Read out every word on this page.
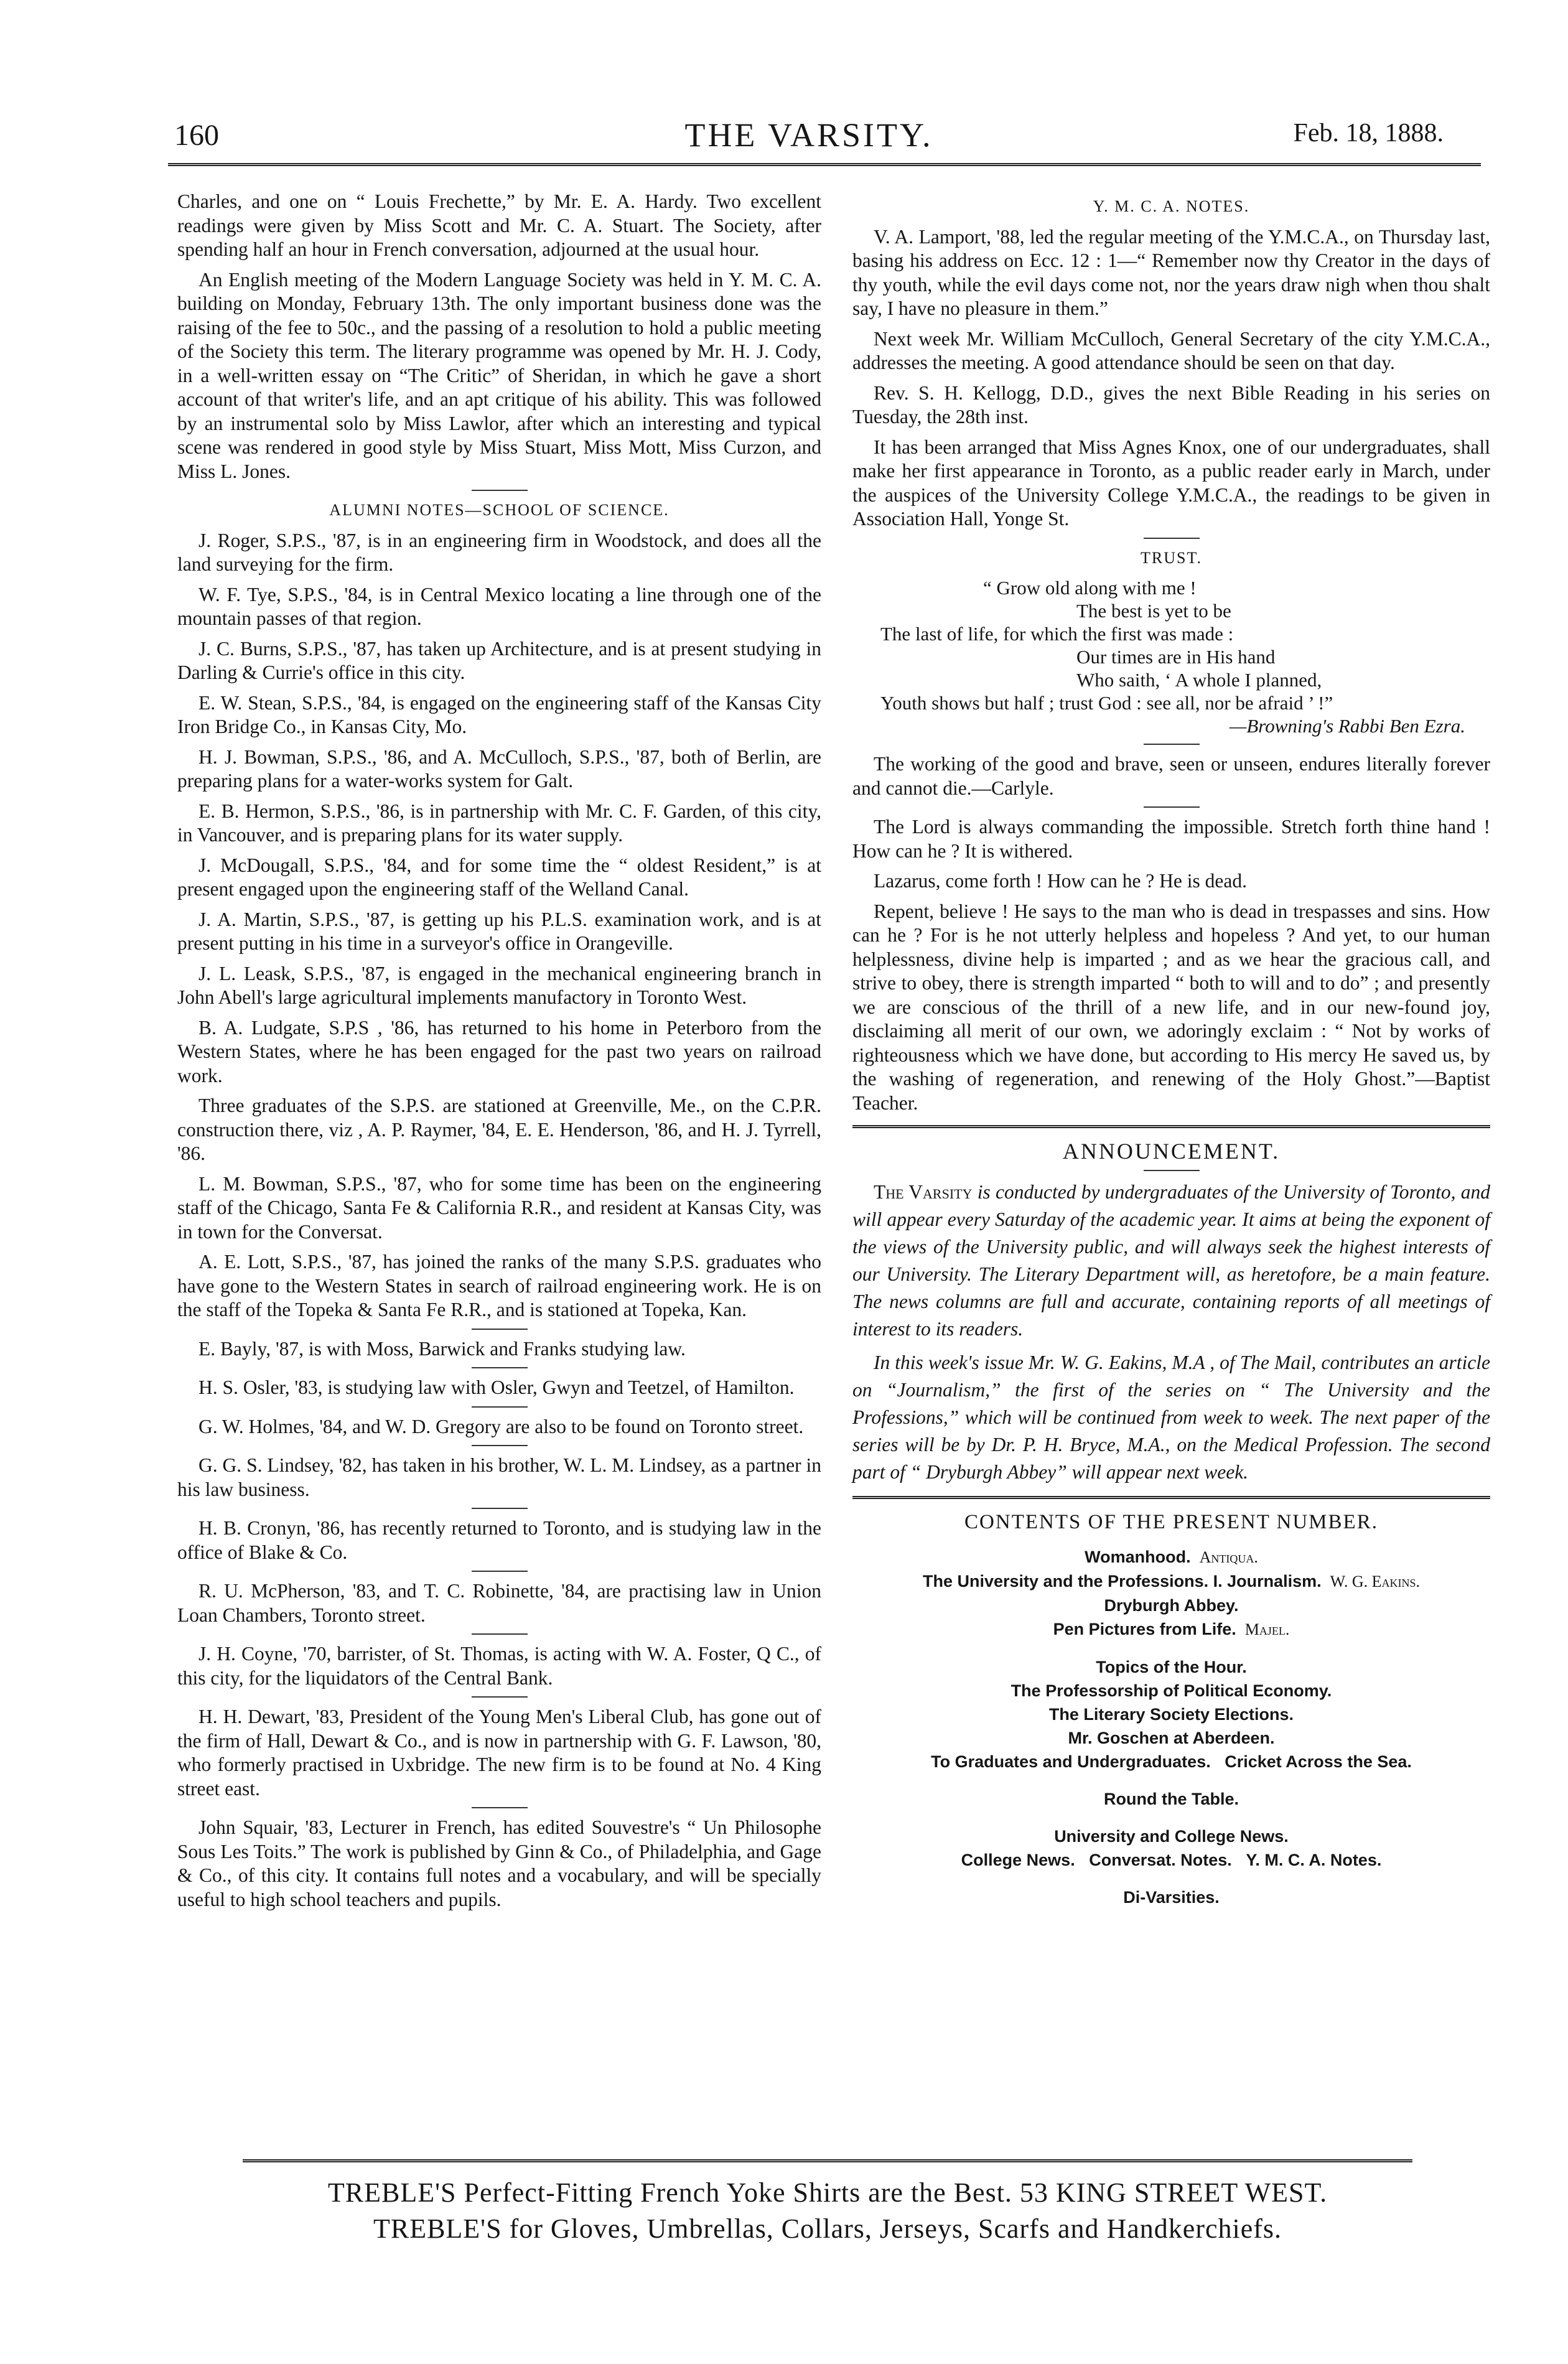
160	THE VARSITY.	Feb. 18, 1888.

Charles, and one on “ Louis Frechette,” by Mr. E. A. Hardy. Two excellent readings were given by Miss Scott and Mr. C. A. Stuart. The Society, after spending half an hour in French conversation, adjourned at the usual hour.

An English meeting of the Modern Language Society was held in Y. M. C. A. building on Monday, February 13th. The only important business done was the raising of the fee to 50c., and the passing of a resolution to hold a public meeting of the Society this term. The literary programme was opened by Mr. H. J. Cody, in a well-written essay on “The Critic” of Sheridan, in which he gave a short account of that writer's life, and an apt critique of his ability. This was followed by an instrumental solo by Miss Lawlor, after which an interesting and typical scene was rendered in good style by Miss Stuart, Miss Mott, Miss Curzon, and Miss L. Jones.

ALUMNI NOTES—SCHOOL OF SCIENCE.

J. Roger, S.P.S., '87, is in an engineering firm in Woodstock, and does all the land surveying for the firm.

W. F. Tye, S.P.S., '84, is in Central Mexico locating a line through one of the mountain passes of that region.

J. C. Burns, S.P.S., '87, has taken up Architecture, and is at present studying in Darling & Currie's office in this city.

E. W. Stean, S.P.S., '84, is engaged on the engineering staff of the Kansas City Iron Bridge Co., in Kansas City, Mo.

H. J. Bowman, S.P.S., '86, and A. McCulloch, S.P.S., '87, both of Berlin, are preparing plans for a water-works system for Galt.

E. B. Hermon, S.P.S., '86, is in partnership with Mr. C. F. Garden, of this city, in Vancouver, and is preparing plans for its water supply.

J. McDougall, S.P.S., '84, and for some time the “ oldest Resident,” is at present engaged upon the engineering staff of the Welland Canal.

J. A. Martin, S.P.S., '87, is getting up his P.L.S. examination work, and is at present putting in his time in a surveyor's office in Orangeville.

J. L. Leask, S.P.S., '87, is engaged in the mechanical engineering branch in John Abell's large agricultural implements manufactory in Toronto West.

B. A. Ludgate, S.P.S , '86, has returned to his home in Peterboro from the Western States, where he has been engaged for the past two years on railroad work.

Three graduates of the S.P.S. are stationed at Greenville, Me., on the C.P.R. construction there, viz , A. P. Raymer, '84, E. E. Henderson, '86, and H. J. Tyrrell, '86.

L. M. Bowman, S.P.S., '87, who for some time has been on the engineering staff of the Chicago, Santa Fe & California R.R., and resident at Kansas City, was in town for the Conversat.

A. E. Lott, S.P.S., '87, has joined the ranks of the many S.P.S. graduates who have gone to the Western States in search of railroad engineering work. He is on the staff of the Topeka & Santa Fe R.R., and is stationed at Topeka, Kan.

E. Bayly, '87, is with Moss, Barwick and Franks studying law.

H. S. Osler, '83, is studying law with Osler, Gwyn and Teetzel, of Hamilton.

G. W. Holmes, '84, and W. D. Gregory are also to be found on Toronto street.

G. G. S. Lindsey, '82, has taken in his brother, W. L. M. Lindsey, as a partner in his law business.

H. B. Cronyn, '86, has recently returned to Toronto, and is studying law in the office of Blake & Co.

R. U. McPherson, '83, and T. C. Robinette, '84, are practising law in Union Loan Chambers, Toronto street.

J. H. Coyne, '70, barrister, of St. Thomas, is acting with W. A. Foster, Q C., of this city, for the liquidators of the Central Bank.

H. H. Dewart, '83, President of the Young Men's Liberal Club, has gone out of the firm of Hall, Dewart & Co., and is now in partnership with G. F. Lawson, '80, who formerly practised in Uxbridge. The new firm is to be found at No. 4 King street east.

John Squair, '83, Lecturer in French, has edited Souvestre's “ Un Philosophe Sous Les Toits.” The work is published by Ginn & Co., of Philadelphia, and Gage & Co., of this city. It contains full notes and a vocabulary, and will be specially useful to high school teachers and pupils.

Y. M. C. A. NOTES.

V. A. Lamport, '88, led the regular meeting of the Y.M.C.A., on Thursday last, basing his address on Ecc. 12 : 1—“ Remember now thy Creator in the days of thy youth, while the evil days come not, nor the years draw nigh when thou shalt say, I have no pleasure in them.”

Next week Mr. William McCulloch, General Secretary of the city Y.M.C.A., addresses the meeting. A good attendance should be seen on that day.

Rev. S. H. Kellogg, D.D., gives the next Bible Reading in his series on Tuesday, the 28th inst.

It has been arranged that Miss Agnes Knox, one of our undergraduates, shall make her first appearance in Toronto, as a public reader early in March, under the auspices of the University College Y.M.C.A., the readings to be given in Association Hall, Yonge St.

TRUST.
“ Grow old along with me !
The best is yet to be
The last of life, for which the first was made :
Our times are in His hand
Who saith, ‘ A whole I planned,
Youth shows but half ; trust God : see all, nor be afraid ’ !”
—Browning's Rabbi Ben Ezra.

The working of the good and brave, seen or unseen, endures literally forever and cannot die.—Carlyle.

The Lord is always commanding the impossible. Stretch forth thine hand ! How can he ? It is withered.

Lazarus, come forth ! How can he ? He is dead.

Repent, believe ! He says to the man who is dead in trespasses and sins. How can he ? For is he not utterly helpless and hopeless ? And yet, to our human helplessness, divine help is imparted ; and as we hear the gracious call, and strive to obey, there is strength imparted “ both to will and to do” ; and presently we are conscious of the thrill of a new life, and in our new-found joy, disclaiming all merit of our own, we adoringly exclaim : “ Not by works of righteousness which we have done, but according to His mercy He saved us, by the washing of regeneration, and renewing of the Holy Ghost.”—Baptist Teacher.

ANNOUNCEMENT.

The Varsity is conducted by undergraduates of the University of Toronto, and will appear every Saturday of the academic year. It aims at being the exponent of the views of the University public, and will always seek the highest interests of our University. The Literary Department will, as heretofore, be a main feature. The news columns are full and accurate, containing reports of all meetings of interest to its readers.

In this week's issue Mr. W. G. Eakins, M.A , of The Mail, contributes an article on “Journalism,” the first of the series on “ The University and the Professions,” which will be continued from week to week. The next paper of the series will be by Dr. P. H. Bryce, M.A., on the Medical Profession. The second part of “ Dryburgh Abbey” will appear next week.

CONTENTS OF THE PRESENT NUMBER.
Womanhood. Antiqua.
The University and the Professions. I. Journalism. W. G. Eakins.
Dryburgh Abbey.
Pen Pictures from Life. Majel.
Topics of the Hour.
The Professorship of Political Economy.
The Literary Society Elections.
Mr. Goschen at Aberdeen.
To Graduates and Undergraduates. Cricket Across the Sea.
Round the Table.
University and College News.
College News. Conversat. Notes. Y. M. C. A. Notes.
Di-Varsities.
TREBLE'S Perfect-Fitting French Yoke Shirts are the Best. 53 KING STREET WEST.
TREBLE'S for Gloves, Umbrellas, Collars, Jerseys, Scarfs and Handkerchiefs.
